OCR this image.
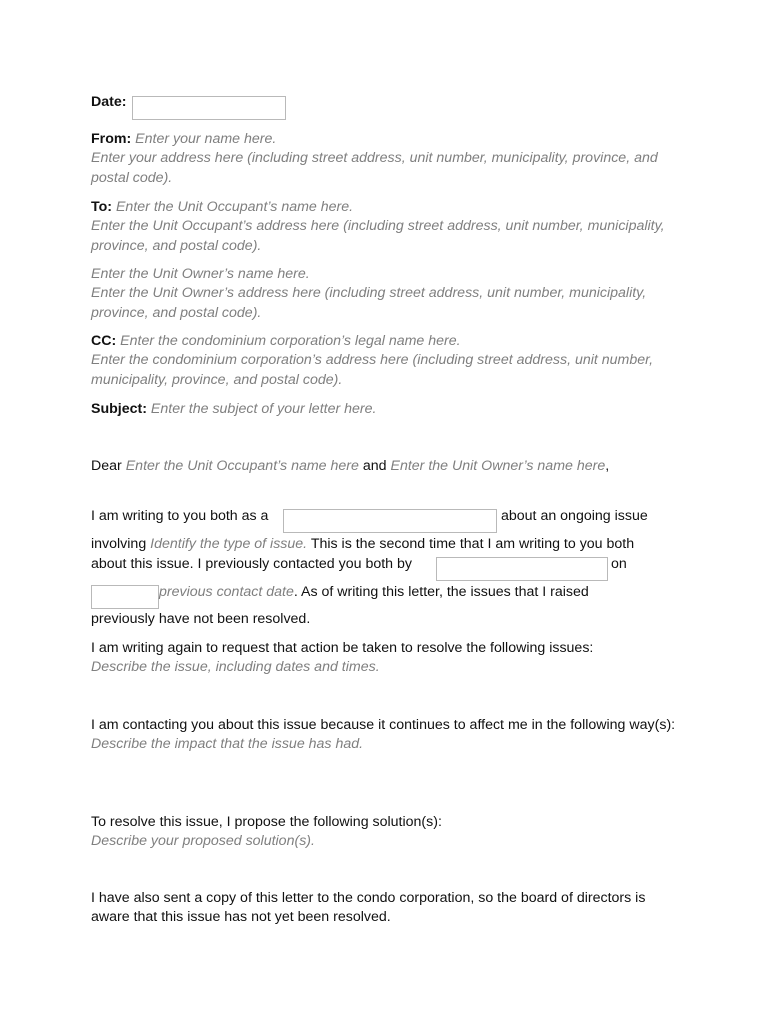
Date:
From: Enter your name here.
Enter your address here (including street address, unit number, municipality, province, and postal code).
To: Enter the Unit Occupant’s name here.
Enter the Unit Occupant’s address here (including street address, unit number, municipality, province, and postal code).
Enter the Unit Owner’s name here.
Enter the Unit Owner’s address here (including street address, unit number, municipality, province, and postal code).
CC: Enter the condominium corporation’s legal name here.
Enter the condominium corporation’s address here (including street address, unit number, municipality, province, and postal code).
Subject: Enter the subject of your letter here.
Dear Enter the Unit Occupant’s name here and Enter the Unit Owner’s name here,
I am writing to you both as a	about an ongoing issue
involving Identify the type of issue. This is the second time that I am writing to you both
about this issue. I previously contacted you both by	on
previous contact date. As of writing this letter, the issues that I raised
previously have not been resolved.
I am writing again to request that action be taken to resolve the following issues:
Describe the issue, including dates and times.
I am contacting you about this issue because it continues to affect me in the following way(s):
Describe the impact that the issue has had.
To resolve this issue, I propose the following solution(s):
Describe your proposed solution(s).
I have also sent a copy of this letter to the condo corporation, so the board of directors is aware that this issue has not yet been resolved.
